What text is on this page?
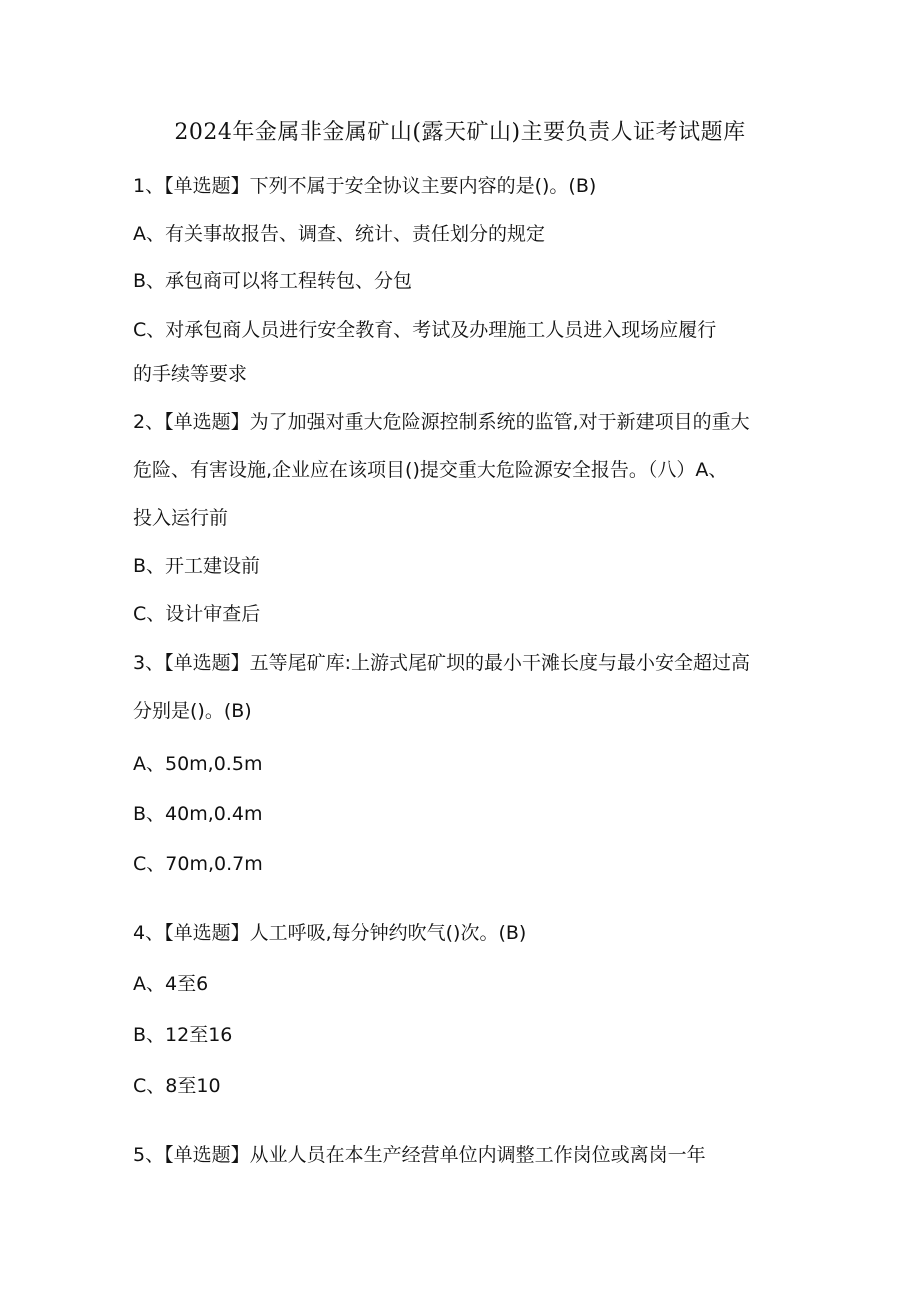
2024年金属非金属矿山(露天矿山)主要负责人证考试题库
1、【单选题】下列不属于安全协议主要内容的是()。(B)
A、有关事故报告、调查、统计、责任划分的规定
B、承包商可以将工程转包、分包
C、对承包商人员进行安全教育、考试及办理施工人员进入现场应履行
的手续等要求
2、【单选题】为了加强对重大危险源控制系统的监管,对于新建项目的重大
危险、有害设施,企业应在该项目()提交重大危险源安全报告。（八）A、
投入运行前
B、开工建设前
C、设计审查后
3、【单选题】五等尾矿库:上游式尾矿坝的最小干滩长度与最小安全超过高
分别是()。(B)
A、50m,0.5m
B、40m,0.4m
C、70m,0.7m
4、【单选题】人工呼吸,每分钟约吹气()次。(B)
A、4至6
B、12至16
C、8至10
5、【单选题】从业人员在本生产经营单位内调整工作岗位或离岗一年
